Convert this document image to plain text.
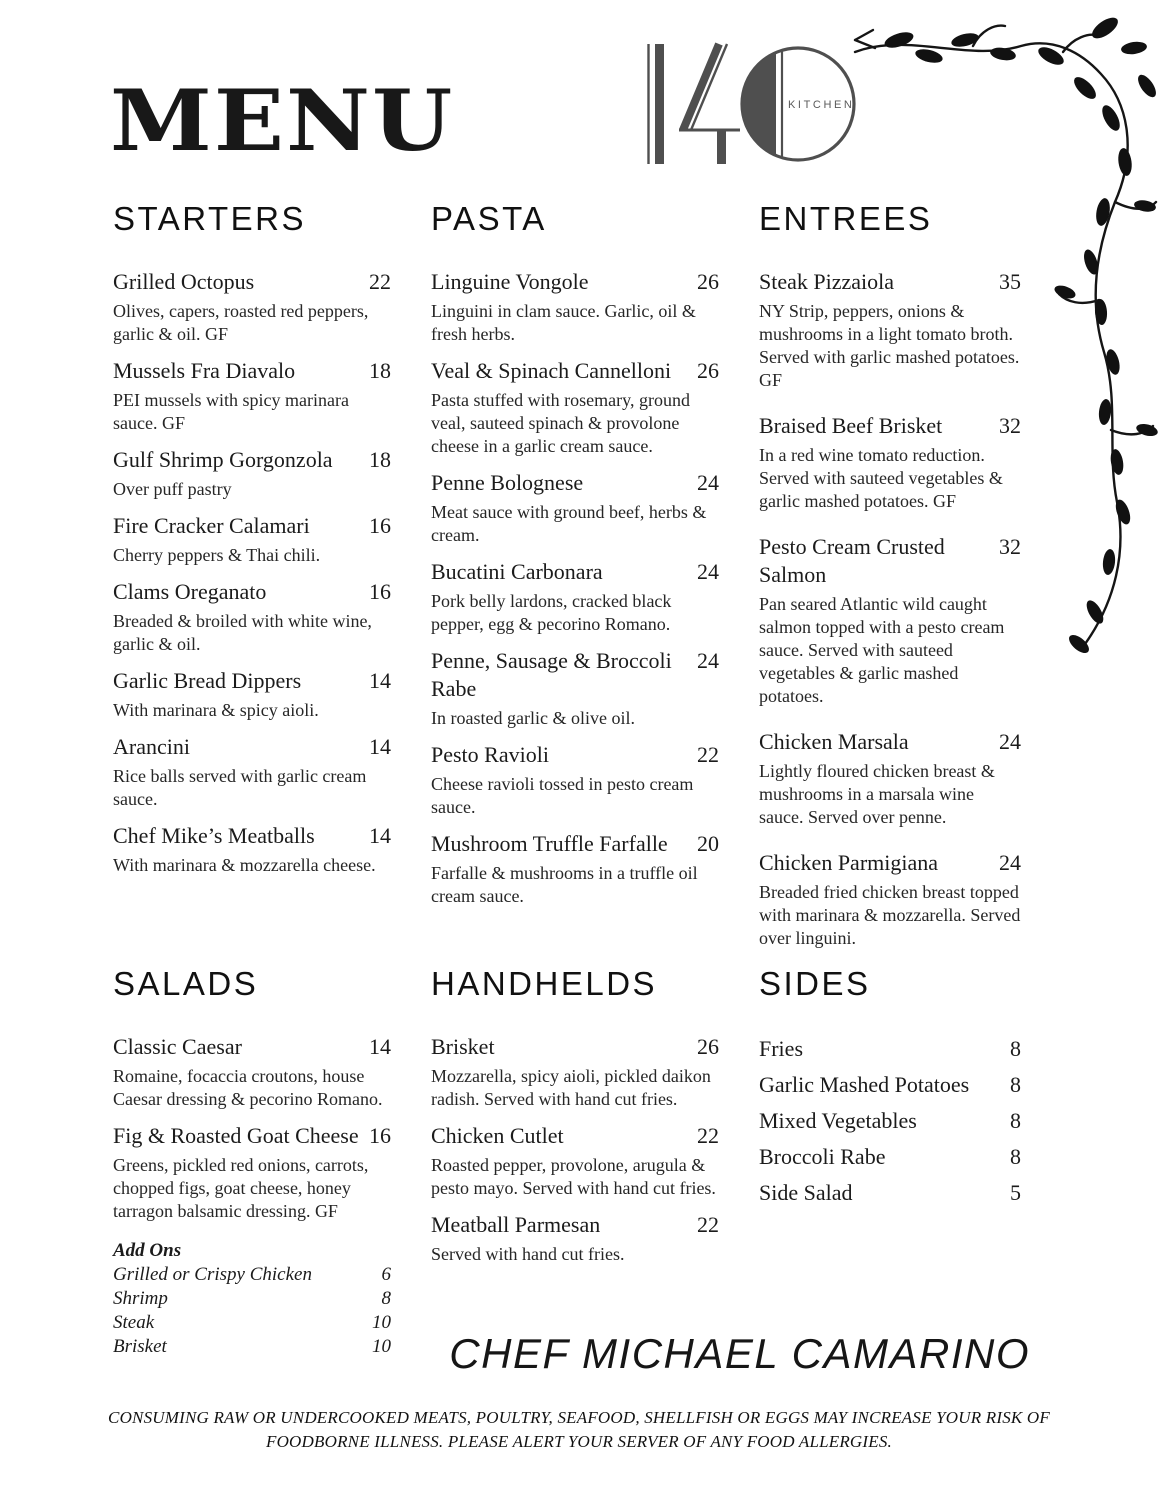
MENU	KITCHEN
STARTERS
Grilled Octopus	22
Olives, capers, roasted red peppers, garlic & oil. GF
Mussels Fra Diavalo	18
PEI mussels with spicy marinara sauce. GF
Gulf Shrimp Gorgonzola 18
Over puff pastry
Fire Cracker Calamari	16
Cherry peppers & Thai chili.
Clams Oreganato	16
Breaded & broiled with white wine, garlic & oil.
Garlic Bread Dippers	14
With marinara & spicy aioli.
Arancini	14
Rice balls served with garlic cream sauce.
Chef Mike’s Meatballs 14
With marinara & mozzarella cheese.
PASTA
Linguine Vongole	26
Linguini in clam sauce. Garlic, oil & fresh herbs.
Veal & Spinach Cannelloni 26
Pasta stuffed with rosemary, ground veal, sauteed spinach & provolone cheese in a garlic cream sauce.
Penne Bolognese	24
Meat sauce with ground beef, herbs & cream.
Bucatini Carbonara	24
Pork belly lardons, cracked black pepper, egg & pecorino Romano.
Penne, Sausage & Broccoli Rabe
24
In roasted garlic & olive oil.
Pesto Ravioli	22
Cheese ravioli tossed in pesto cream sauce.
Mushroom Truffle Farfalle 20
Farfalle & mushrooms in a truffle oil cream sauce.
ENTREES
Steak Pizzaiola	35
NY Strip, peppers, onions & mushrooms in a light tomato broth. Served with garlic mashed potatoes. GF
Braised Beef Brisket	32
In a red wine tomato reduction. Served with sauteed vegetables & garlic mashed potatoes. GF
Pesto Cream Crusted Salmon
32
Pan seared Atlantic wild caught salmon topped with a pesto cream sauce. Served with sauteed vegetables & garlic mashed potatoes.
Chicken Marsala	24
Lightly floured chicken breast & mushrooms in a marsala wine sauce. Served over penne.
Chicken Parmigiana	24
Breaded fried chicken breast topped with marinara & mozzarella. Served over linguini.
SALADS
Classic Caesar	14
Romaine, focaccia croutons, house Caesar dressing & pecorino Romano.
Fig & Roasted Goat Cheese 16
Greens, pickled red onions, carrots, chopped figs, goat cheese, honey tarragon balsamic dressing. GF
Add Ons
Grilled or Crispy Chicken	6
Shrimp	8
Steak	10
Brisket	10
HANDHELDS
Brisket	26
Mozzarella, spicy aioli, pickled daikon radish. Served with hand cut fries.
Chicken Cutlet	22
Roasted pepper, provolone, arugula & pesto mayo. Served with hand cut fries.
Meatball Parmesan	22
Served with hand cut fries.
SIDES
Fries	8
Garlic Mashed Potatoes 8
Mixed Vegetables	8
Broccoli Rabe	8
Side Salad	5
CHEF MICHAEL CAMARINO
CONSUMING RAW OR UNDERCOOKED MEATS, POULTRY, SEAFOOD, SHELLFISH OR EGGS MAY INCREASE YOUR RISK OF FOODBORNE ILLNESS. PLEASE ALERT YOUR SERVER OF ANY FOOD ALLERGIES.
